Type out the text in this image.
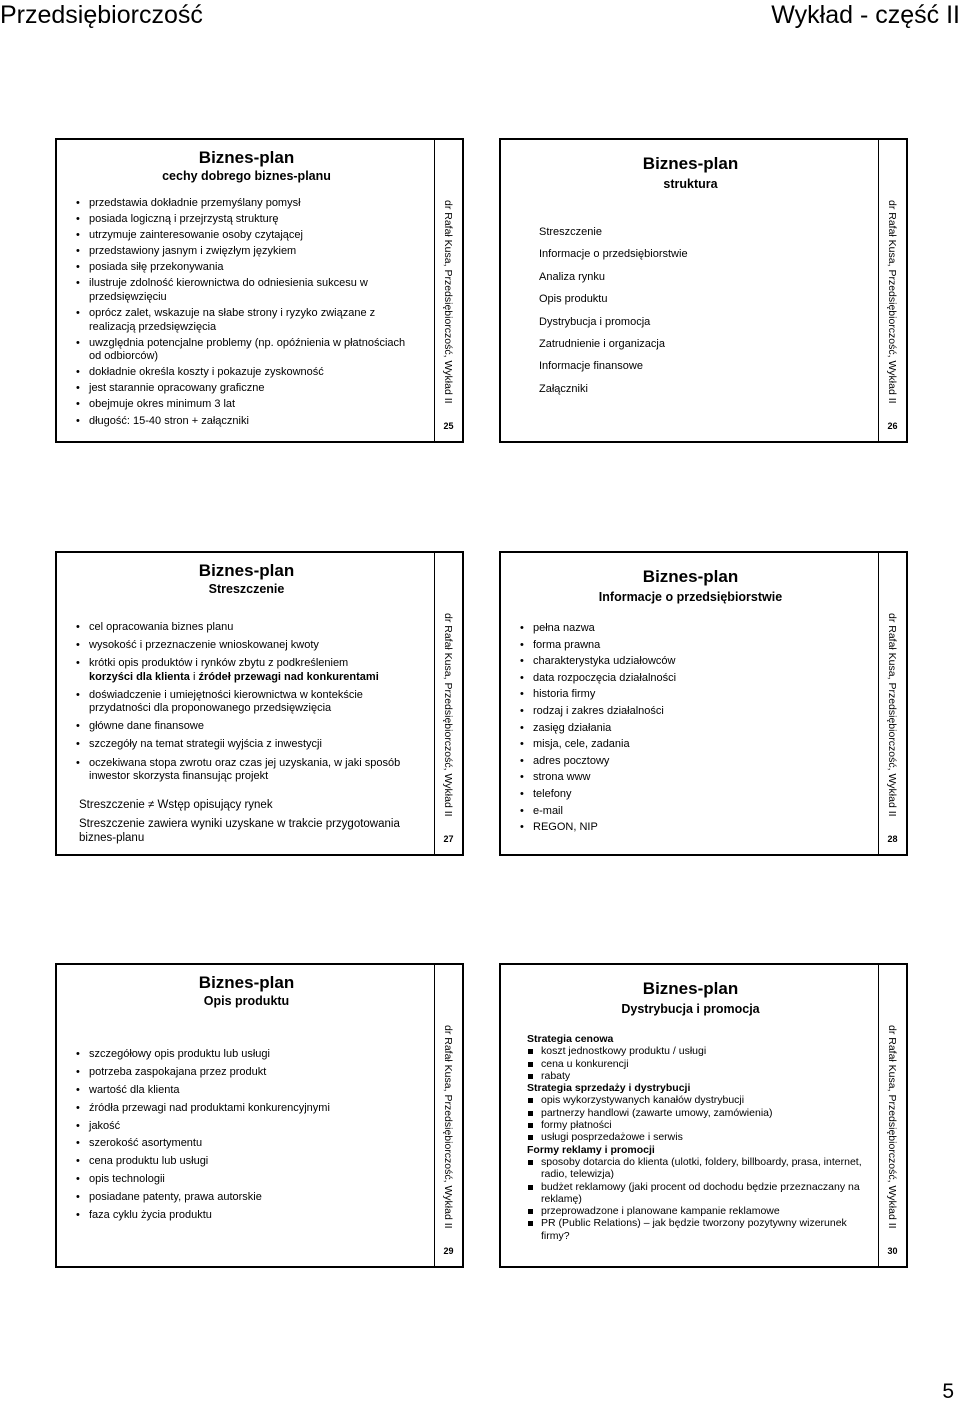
Przedsiębiorczość	Wykład - część II
Biznes-plan
cechy dobrego biznes-planu
• przedstawia dokładnie przemyślany pomysł
• posiada logiczną i przejrzystą strukturę
• utrzymuje zainteresowanie osoby czytającej
• przedstawiony jasnym i zwięzłym językiem
• posiada siłę przekonywania
• ilustruje zdolność kierownictwa do odniesienia sukcesu w przedsięwzięciu
• oprócz zalet, wskazuje na słabe strony i ryzyko związane z realizacją przedsięwzięcia
• uwzględnia potencjalne problemy (np. opóźnienia w płatnościach od odbiorców)
• dokładnie określa koszty i pokazuje zyskowność
• jest starannie opracowany graficzne
• obejmuje okres minimum 3 lat
• długość: 15-40 stron + załączniki
dr Rafał Kusa, Przedsiębiorczość, Wykład II
25
Biznes-plan
struktura
Streszczenie
Informacje o przedsiębiorstwie
Analiza rynku
Opis produktu
Dystrybucja i promocja
Zatrudnienie i organizacja
Informacje finansowe
Załączniki	dr Rafał Kusa, Przedsiębiorczość, Wykład II
26
Biznes-plan
Streszczenie
• cel opracowania biznes planu
• wysokość i przeznaczenie wnioskowanej kwoty
• krótki opis produktów i rynków zbytu z podkreśleniem
korzyści dla klienta i źródeł przewagi nad konkurentami
• doświadczenie i umiejętności kierownictwa w kontekście przydatności dla proponowanego przedsięwzięcia
• główne dane finansowe
• szczegóły na temat strategii wyjścia z inwestycji
• oczekiwana stopa zwrotu oraz czas jej uzyskania, w jaki sposób inwestor skorzysta finansując projekt
Streszczenie ≠ Wstęp opisujący rynek
Streszczenie zawiera wyniki uzyskane w trakcie przygotowania biznes-planu
dr Rafał Kusa, Przedsiębiorczość, Wykład II
27
Biznes-plan
Informacje o przedsiębiorstwie
• pełna nazwa
• forma prawna
• charakterystyka udziałowców
• data rozpoczęcia działalności
• historia firmy
• rodzaj i zakres działalności
• zasięg działania
• misja, cele, zadania
• adres pocztowy
• strona www
• telefony
• e-mail
• REGON, NIP
dr Rafał Kusa, Przedsiębiorczość, Wykład II
28
Biznes-plan
Opis produktu
• szczegółowy opis produktu lub usługi
• potrzeba zaspokajana przez produkt
• wartość dla klienta
• źródła przewagi nad produktami konkurencyjnymi
• jakość
• szerokość asortymentu
• cena produktu lub usługi
• opis technologii
• posiadane patenty, prawa autorskie
• faza cyklu życia produktu	dr Rafał Kusa, Przedsiębiorczość, Wykład II
29
Biznes-plan
Dystrybucja i promocja
Strategia cenowa
koszt jednostkowy produktu / usługi
cena u konkurencji
rabaty
Strategia sprzedaży i dystrybucji
opis wykorzystywanych kanałów dystrybucji
partnerzy handlowi (zawarte umowy, zamówienia)
formy płatności
usługi posprzedażowe i serwis
Formy reklamy i promocji
sposoby dotarcia do klienta (ulotki, foldery, billboardy, prasa, internet, radio, telewizja)
budżet reklamowy (jaki procent od dochodu będzie przeznaczany na reklamę)
przeprowadzone i planowane kampanie reklamowe
PR (Public Relations) – jak będzie tworzony pozytywny wizerunek firmy?
dr Rafał Kusa, Przedsiębiorczość, Wykład II
30
5
